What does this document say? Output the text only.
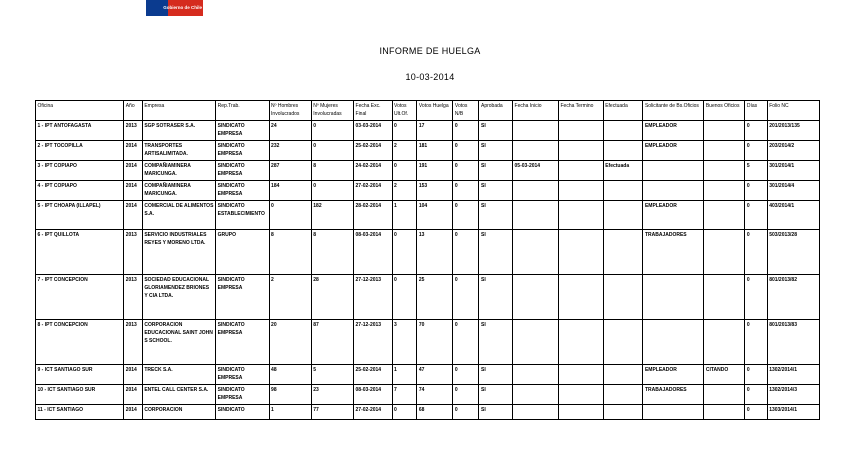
Gobierno de Chile
INFORME DE HUELGA
10-03-2014
Oficina	Año	Empresa	Rep.Trab.	Nº Hombres Involucrados	Nº Mujeres Involucradas	Fecha Exc. Final	Votos Ult.Of.	Votos Huelga	Votos N/B	Aprobada	Fecha Inicio	Fecha Termino	Efectuada	Solicitante de Bs.Oficios	Buenos Oficios	Días	Folio NC
1 - IPT ANTOFAGASTA	2013	SGP SOTRASER S.A.	SINDICATO EMPRESA	24	0	03-03-2014	0	17	0	SI				EMPLEADOR		0	201/2013/135
2 - IPT TOCOPILLA	2014	TRANSPORTES ARTISALIMITADA.	SINDICATO EMPRESA	232	0	25-02-2014	2	181	0	SI				EMPLEADOR		0	203/2014/2
3 - IPT COPIAPO	2014	COMPAÑIAMINERA MARICUNGA.	SINDICATO EMPRESA	287	8	24-02-2014	0	191	0	SI	05-03-2014		Efectuada			5	301/2014/1
4 - IPT COPIAPO	2014	COMPAÑIAMINERA MARICUNGA.	SINDICATO EMPRESA	184	0	27-02-2014	2	153	0	SI						0	301/2014/4
5 - IPT CHOAPA (ILLAPEL)	2014	COMERCIAL DE ALIMENTOS S.A.	SINDICATO ESTABLECIMIENTO	0	182	28-02-2014	1	104	0	SI				EMPLEADOR		0	403/2014/1
6 - IPT QUILLOTA	2013	SERVICIO INDUSTRIALES REYES Y MORENO LTDA.	GRUPO	8	8	08-03-2014	0	13	0	SI				TRABAJADORES		0	503/2013/28
7 - IPT CONCEPCION	2013	SOCIEDAD EDUCACIONAL GLORIAMENDEZ BRIONES Y CIA LTDA.	SINDICATO EMPRESA	2	28	27-12-2013	0	25	0	SI						0	801/2013/82
8 - IPT CONCEPCION	2013	CORPORACION EDUCACIONAL SAINT JOHN S SCHOOL.	SINDICATO EMPRESA	20	87	27-12-2013	3	70	0	SI						0	801/2013/83
9 - ICT SANTIAGO SUR	2014	TRECK S.A.	SINDICATO EMPRESA	48	5	25-02-2014	1	47	0	SI				EMPLEADOR	CITANDO	0	1302/2014/1
10 - ICT SANTIAGO SUR	2014	ENTEL CALL CENTER S.A.	SINDICATO EMPRESA	98	23	08-03-2014	7	74	0	SI				TRABAJADORES		0	1302/2014/3
11 - ICT SANTIAGO	2014	CORPORACION	SINDICATO	1	77	27-02-2014	0	68	0	SI						0	1303/2014/1
